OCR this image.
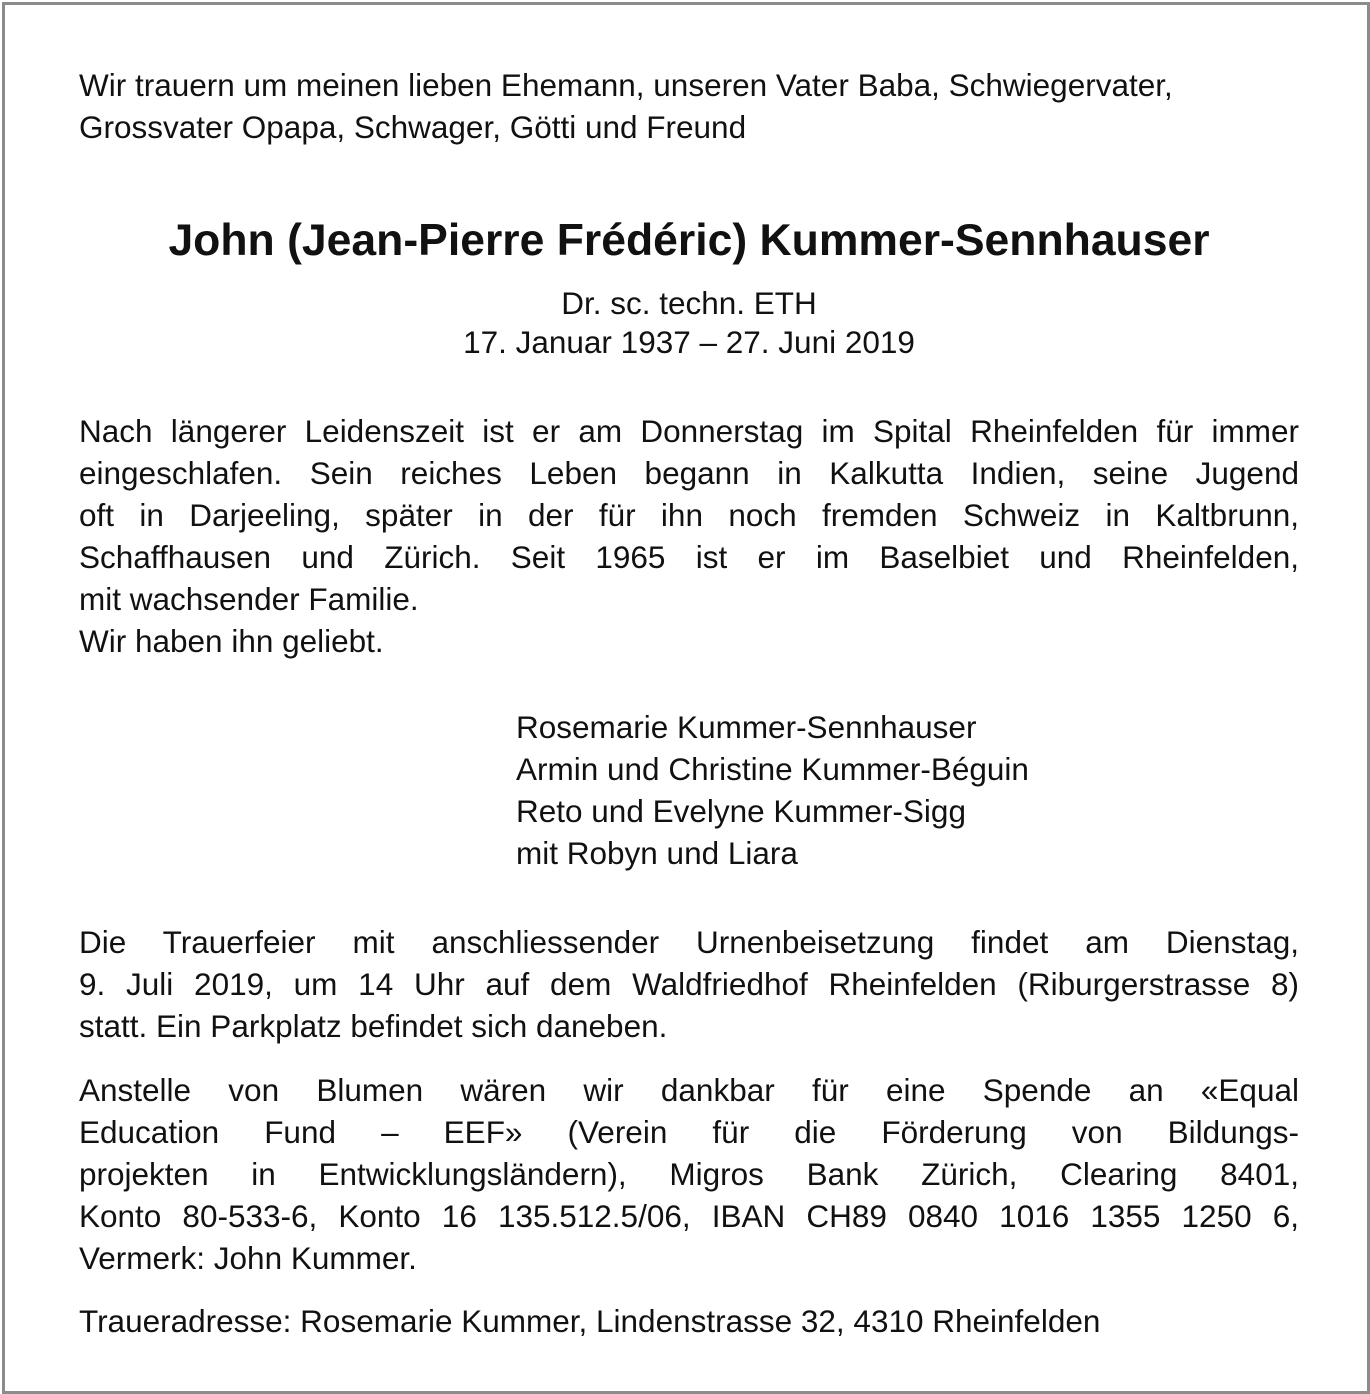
Wir trauern um meinen lieben Ehemann, unseren Vater Baba, Schwiegervater,
Grossvater Opapa, Schwager, Götti und Freund
John (Jean-Pierre Frédéric) Kummer-Sennhauser
Dr. sc. techn. ETH
17. Januar 1937 – 27. Juni 2019
Nach längerer Leidenszeit ist er am Donnerstag im Spital Rheinfelden für immer
eingeschlafen. Sein reiches Leben begann in Kalkutta Indien, seine Jugend
oft in Darjeeling, später in der für ihn noch fremden Schweiz in Kaltbrunn,
Schaffhausen und Zürich. Seit 1965 ist er im Baselbiet und Rheinfelden,
mit wachsender Familie.
Wir haben ihn geliebt.
Rosemarie Kummer-Sennhauser
Armin und Christine Kummer-Béguin
Reto und Evelyne Kummer-Sigg
mit Robyn und Liara
Die Trauerfeier mit anschliessender Urnenbeisetzung findet am Dienstag,
9. Juli 2019, um 14 Uhr auf dem Waldfriedhof Rheinfelden (Riburgerstrasse 8)
statt. Ein Parkplatz befindet sich daneben.
Anstelle von Blumen wären wir dankbar für eine Spende an «Equal
Education Fund – EEF» (Verein für die Förderung von Bildungs-
projekten in Entwicklungsländern), Migros Bank Zürich, Clearing 8401,
Konto 80-533-6, Konto 16 135.512.5/06, IBAN CH89 0840 1016 1355 1250 6,
Vermerk: John Kummer.
Traueradresse: Rosemarie Kummer, Lindenstrasse 32, 4310 Rheinfelden
